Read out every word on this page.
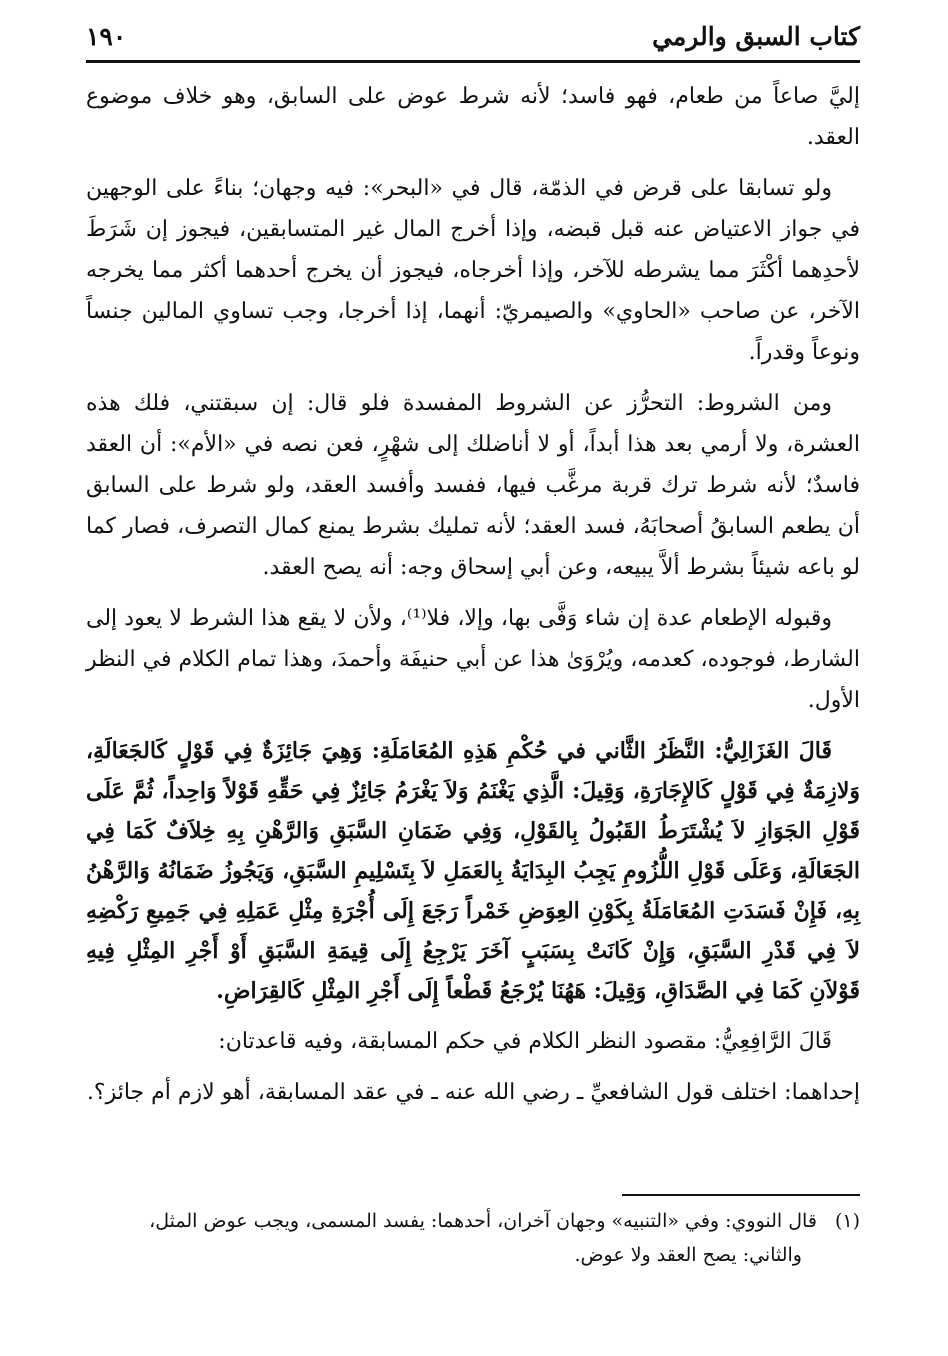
كتاب السبق والرمي
١٩٠

إليَّ صاعاً من طعام، فهو فاسد؛ لأنه شرط عوض على السابق، وهو خلاف موضوع العقد.

ولو تسابقا على قرض في الذمّة، قال في «البحر»: فيه وجهان؛ بناءً على الوجهين في جواز الاعتياض عنه قبل قبضه، وإذا أخرج المال غير المتسابقين، فيجوز إن شَرَطَ لأحدِهما أكْثَرَ مما يشرطه للآخر، وإذا أخرجاه، فيجوز أن يخرج أحدهما أكثر مما يخرجه الآخر، عن صاحب «الحاوي» والصيمريّ: أنهما، إذا أخرجا، وجب تساوي المالين جنساً ونوعاً وقدراً.

ومن الشروط: التحرُّز عن الشروط المفسدة فلو قال: إن سبقتني، فلك هذه العشرة، ولا أرمي بعد هذا أبداً، أو لا أناضلك إلى شهْرٍ، فعن نصه في «الأم»: أن العقد فاسدٌ؛ لأنه شرط ترك قربة مرغَّب فيها، ففسد وأفسد العقد، ولو شرط على السابق أن يطعم السابقُ أصحابَهُ، فسد العقد؛ لأنه تمليك بشرط يمنع كمال التصرف، فصار كما لو باعه شيئاً بشرط ألاَّ يبيعه، وعن أبي إسحاق وجه: أنه يصح العقد.

وقبوله الإطعام عدة إن شاء وَفَّى بها، وإلا، فلا⁽¹⁾، ولأن لا يقع هذا الشرط لا يعود إلى الشارط، فوجوده، كعدمه، ويُرْوَىٰ هذا عن أبي حنيفَة وأحمدَ، وهذا تمام الكلام في النظر الأول.

قَالَ الغَزَالِيُّ: النَّظَرُ الثَّاني في حُكْمِ هَذِهِ المُعَامَلَةِ: وَهِيَ جَائِزَةٌ فِي قَوْلٍ كَالجَعَالَةِ، وَلازِمَةٌ فِي قَوْلٍ كَالإِجَارَةِ، وَقِيلَ: الَّذِي يَغْنَمُ وَلاَ يَغْرَمُ جَائِزٌ فِي حَقِّهِ قَوْلاً وَاحِداً، ثُمَّ عَلَى قَوْلِ الجَوَازِ لاَ يُشْتَرَطُ القَبُولُ بِالقَوْلِ، وَفِي ضَمَانِ السَّبَقِ وَالرَّهْنِ بِهِ خِلاَفٌ كَمَا فِي الجَعَالَةِ، وَعَلَى قَوْلِ اللُّزُومِ يَجِبُ البِدَايَةُ بِالعَمَلِ لاَ بِتَسْلِيمِ السَّبَقِ، وَيَجُوزُ ضَمَانُهُ وَالرَّهْنُ بِهِ، فَإِنْ فَسَدَتِ المُعَامَلَةُ بِكَوْنِ العِوَضِ خَمْراً رَجَعَ إِلَى أُجْرَةِ مِثْلِ عَمَلِهِ فِي جَمِيعِ رَكْضِهِ لاَ فِي قَدْرِ السَّبَقِ، وَإِنْ كَانَتْ بِسَبَبٍ آخَرَ يَرْجِعُ إِلَى قِيمَةِ السَّبَقِ أَوْ أَجْرِ المِثْلِ فِيهِ قَوْلاَنِ كَمَا فِي الصَّدَاقِ، وَقِيلَ: هَهُنَا يُرْجَعُ قَطْعاً إِلَى أَجْرِ المِثْلِ كَالقِرَاضِ.

قَالَ الرَّافِعِيُّ: مقصود النظر الكلام في حكم المسابقة، وفيه قاعدتان:

إحداهما: اختلف قول الشافعيِّ ـ رضي الله عنه ـ في عقد المسابقة، أهو لازم أم جائز؟.

(١)قال النووي: وفي «التنبيه» وجهان آخران، أحدهما: يفسد المسمى، ويجب عوض المثل،
والثاني: يصح العقد ولا عوض.
